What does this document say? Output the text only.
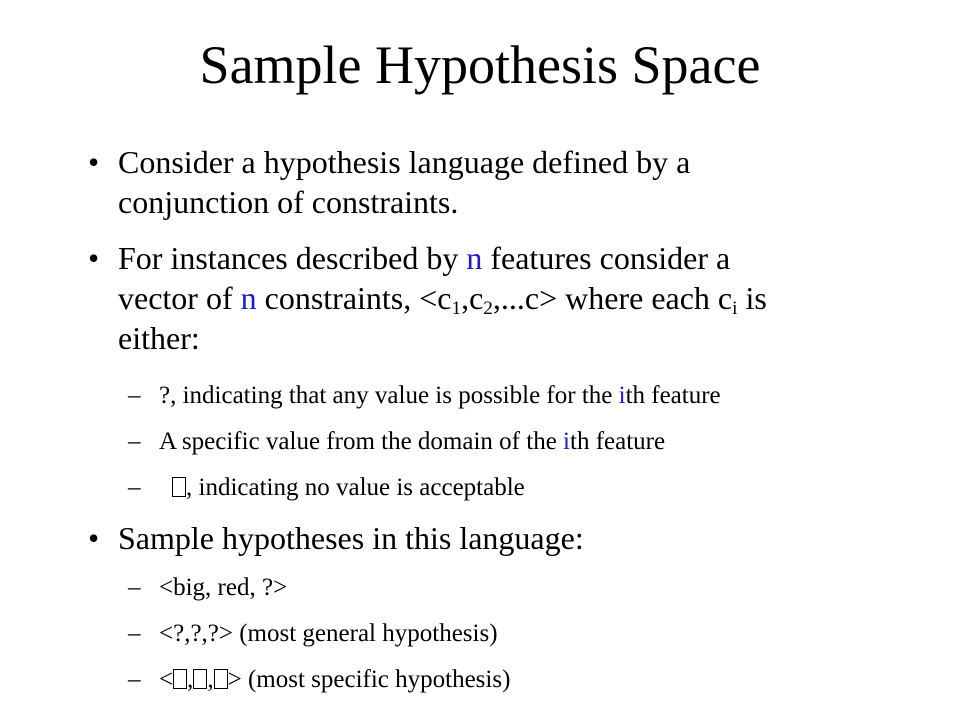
Sample Hypothesis Space
• Consider a hypothesis language defined by a
conjunction of constraints.
• For instances described by n features consider a
vector of n constraints, $<c_1,c_2,...c>$ where each $c_i$ is
either:
– ?, indicating that any value is possible for the ith feature
– A specific value from the domain of the ith feature
–	, indicating no value is acceptable
• Sample hypotheses in this language:
– <big, red, ?>
– <?,?,?> (most general hypothesis)
– < , , > (most specific hypothesis)
